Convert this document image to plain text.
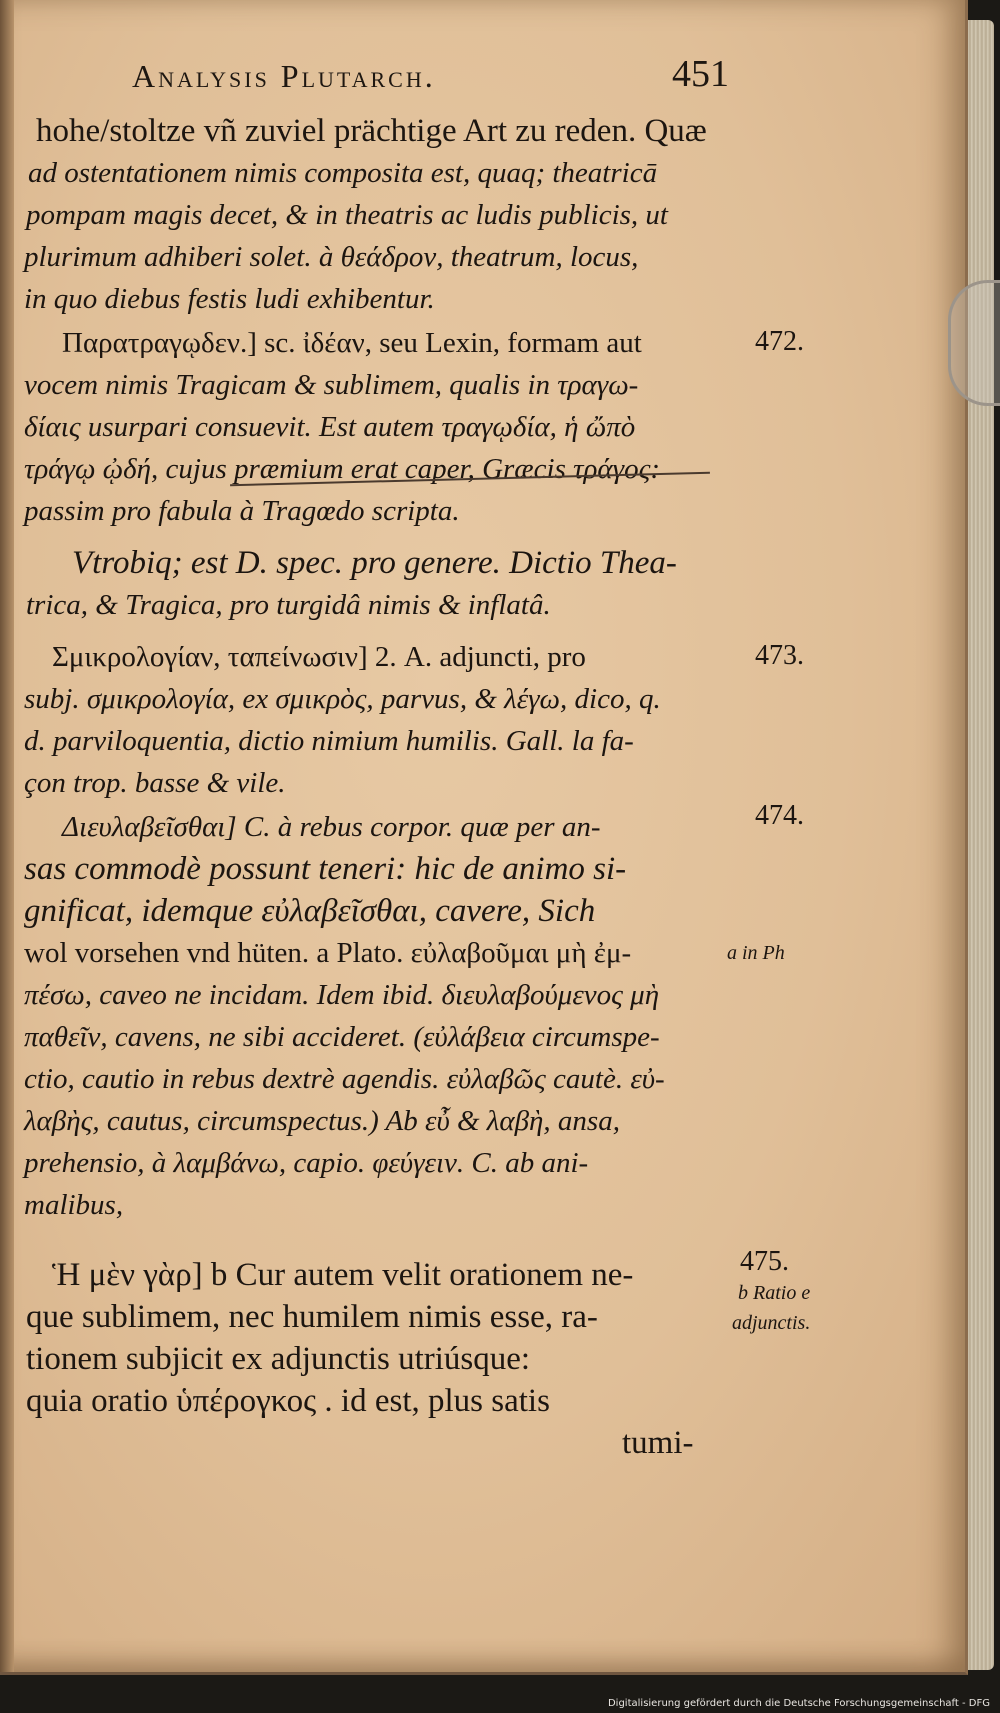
Analysis Plutarch.	451
hohe/stoltze vñ zuviel prächtige Art zu reden. Quæ
ad ostentationem nimis composita est, quaq; theatricā
pompam magis decet, & in theatris ac ludis publicis, ut
plurimum adhiberi solet. à θεάδρον, theatrum, locus,
in quo diebus festis ludi exhibentur.
Παρατραγῳδεν.] sc. ἰδέαν, seu Lexin, formam aut
vocem nimis Tragicam & sublimem, qualis in τραγω-
δίαις usurpari consuevit. Est autem τραγῳδία, ἡ ὤπὸ
τράγῳ ᾠδή, cujus præmium erat caper, Græcis τράγος:
passim pro fabula à Tragœdo scripta.
Vtrobiq; est D. spec. pro genere. Dictio Thea-
trica, & Tragica, pro turgidâ nimis & inflatâ.
Σμικρολογίαν, ταπείνωσιν] 2. A. adjuncti, pro
subj. σμικρολογία, ex σμικρὸς, parvus, & λέγω, dico, q.
d. parviloquentia, dictio nimium humilis. Gall. la fa-
çon trop. basse & vile.
Διευλαβεῖσθαι] C. à rebus corpor. quæ per an-
sas commodè possunt teneri: hic de animo si-
gnificat, idemque εὐλαβεῖσθαι, cavere, Sich
wol vorsehen vnd hüten. a Plato. εὐλαβοῦμαι μὴ ἐμ-
πέσω, caveo ne incidam. Idem ibid. διευλαβούμενος μὴ
παθεῖν, cavens, ne sibi accideret. (εὐλάβεια circumspe-
ctio, cautio in rebus dextrè agendis. εὐλαβῶς cautè. εὐ-
λαβὴς, cautus, circumspectus.) Ab εὖ & λαβὴ, ansa,
prehensio, à λαμβάνω, capio. φεύγειν. C. ab ani-
malibus,
Ἡ μὲν γὰρ] b Cur autem velit orationem ne-
que sublimem, nec humilem nimis esse, ra-
tionem subjicit ex adjunctis utriúsque:
quia oratio ὑπέρογκος . id est, plus satis
tumi-
472.
473.
474.
a in Ph
475.
b Ratio e
adjunctis.
Digitalisierung gefördert durch die Deutsche Forschungsgemeinschaft - DFG
